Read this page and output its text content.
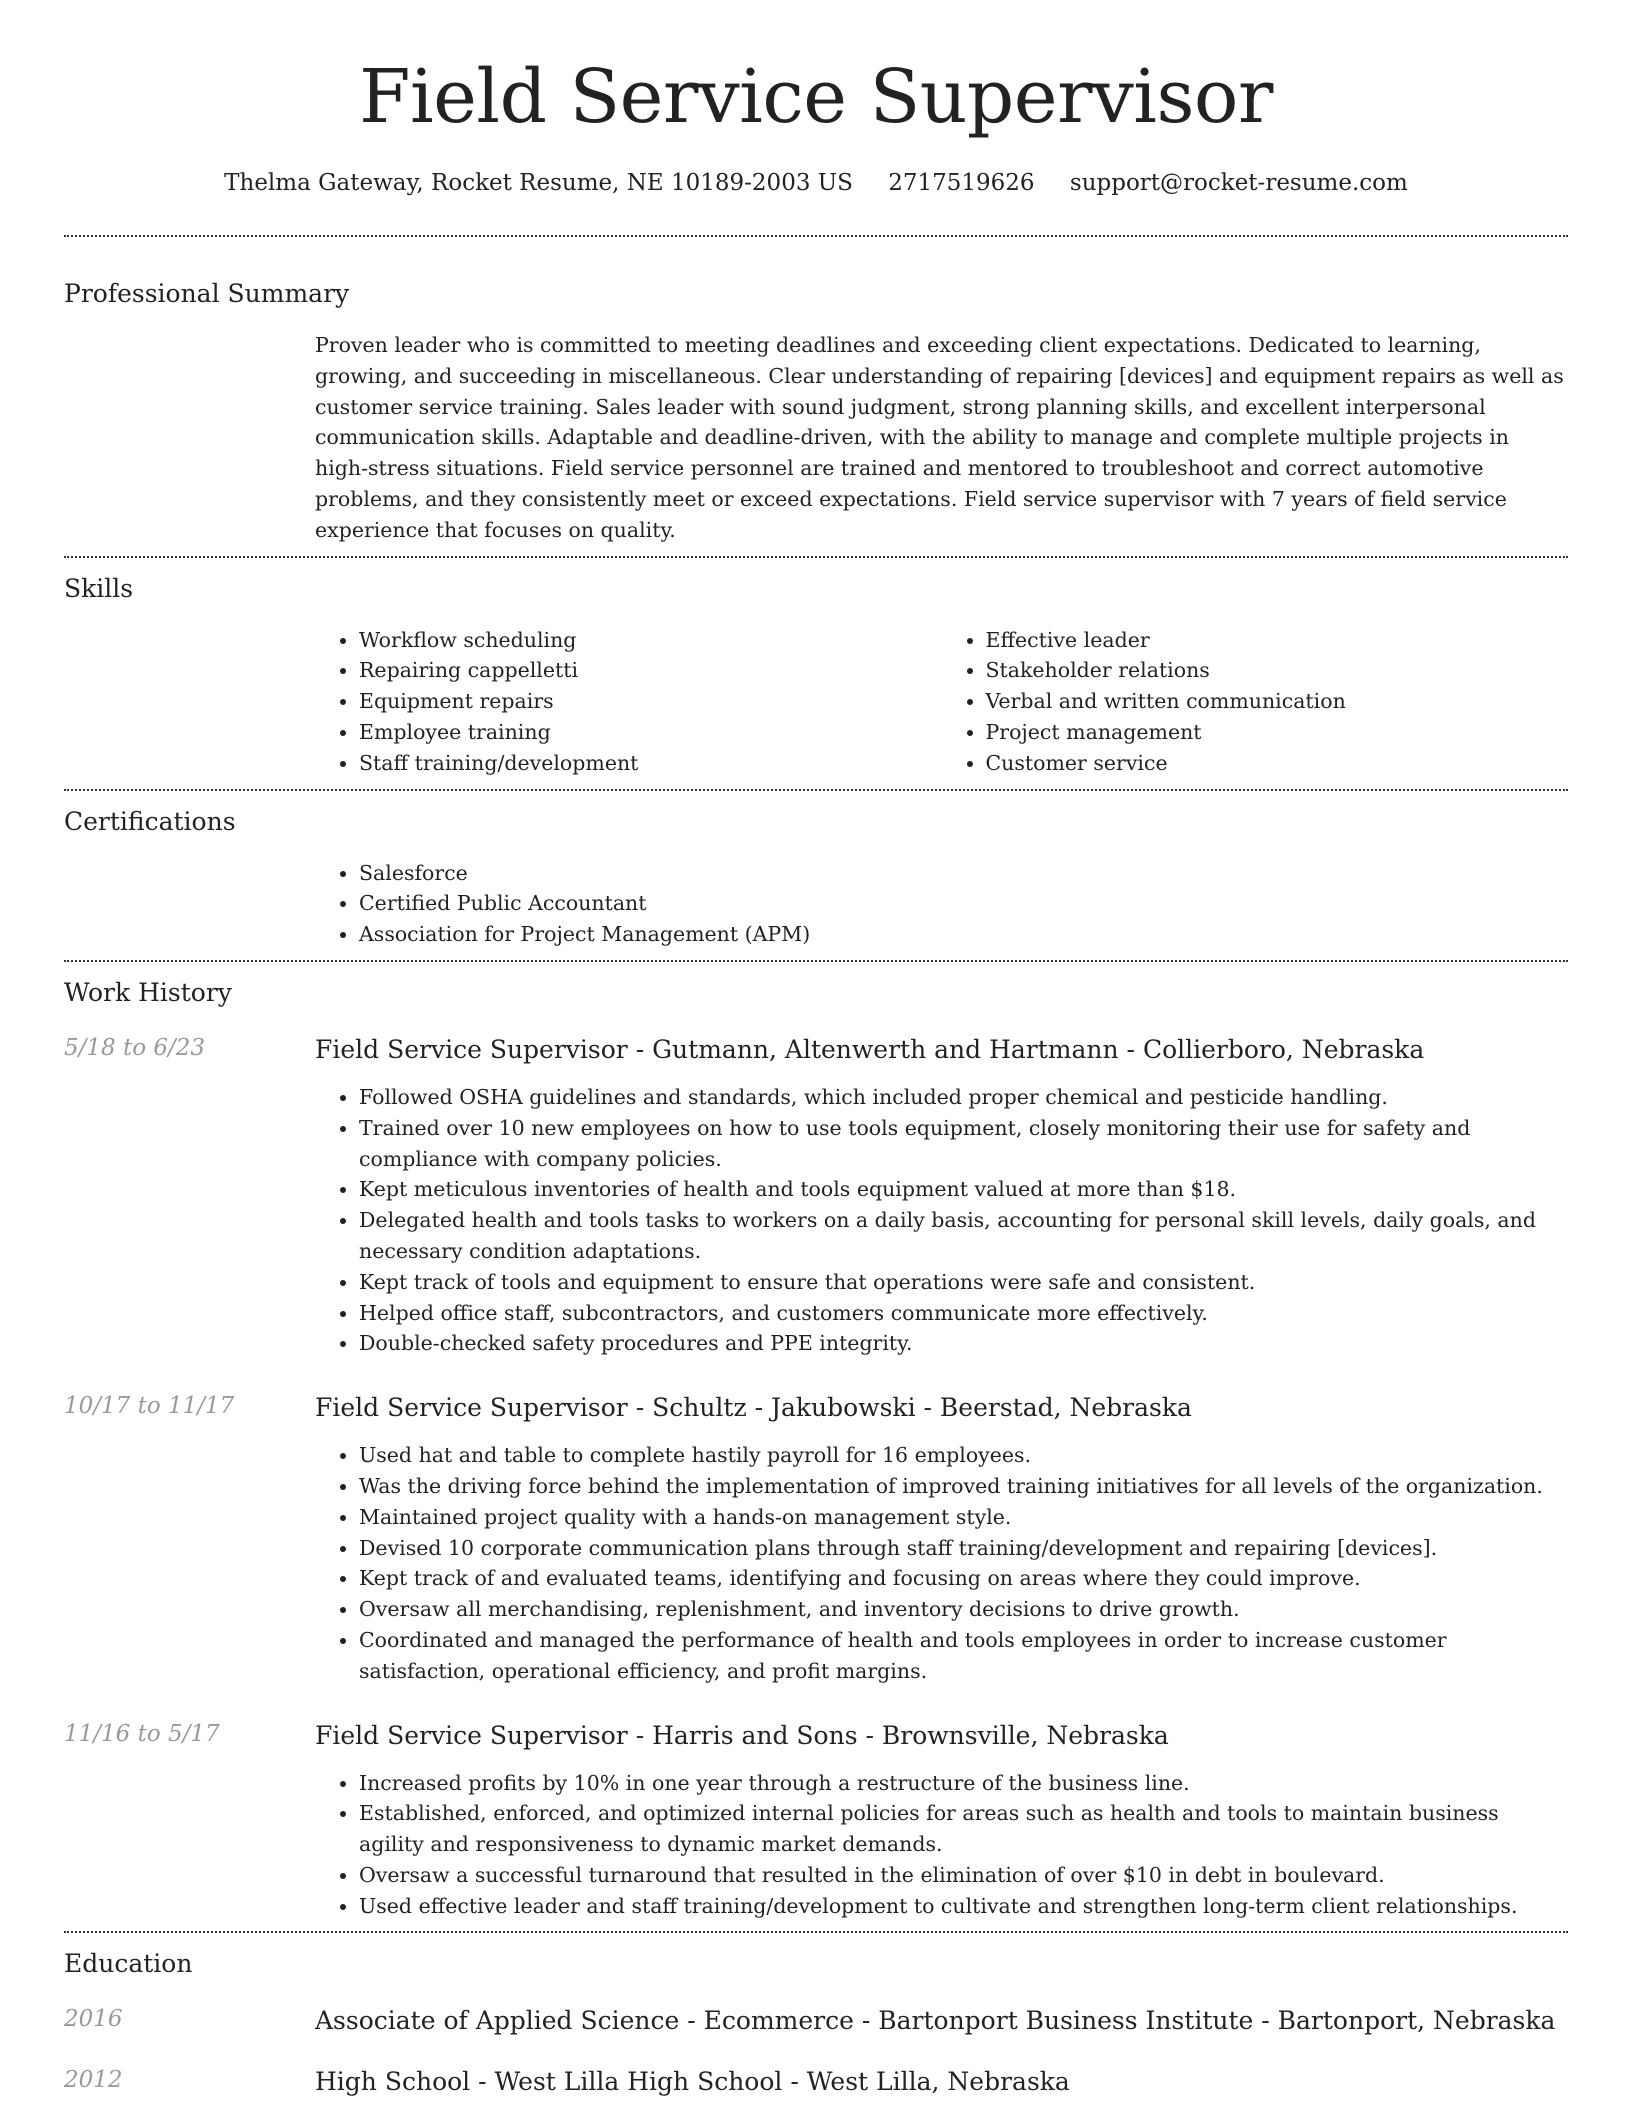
Field Service Supervisor
Thelma Gateway, Rocket Resume, NE 10189-2003 US 2717519626 support@rocket-resume.com
Professional Summary
Proven leader who is committed to meeting deadlines and exceeding client expectations. Dedicated to learning, growing, and succeeding in miscellaneous. Clear understanding of repairing [devices] and equipment repairs as well as customer service training. Sales leader with sound judgment, strong planning skills, and excellent interpersonal communication skills. Adaptable and deadline-driven, with the ability to manage and complete multiple projects in high-stress situations. Field service personnel are trained and mentored to troubleshoot and correct automotive problems, and they consistently meet or exceed expectations. Field service supervisor with 7 years of field service experience that focuses on quality.
Skills
• Workflow scheduling
• Repairing cappelletti
• Equipment repairs
• Employee training
• Staff training/development
• Effective leader
• Stakeholder relations
• Verbal and written communication
• Project management
• Customer service
Certifications
• Salesforce
• Certified Public Accountant
• Association for Project Management (APM)
Work History
5/18 to 6/23	Field Service Supervisor - Gutmann, Altenwerth and Hartmann - Collierboro, Nebraska
• Followed OSHA guidelines and standards, which included proper chemical and pesticide handling.
• Trained over 10 new employees on how to use tools equipment, closely monitoring their use for safety and compliance with company policies.
• Kept meticulous inventories of health and tools equipment valued at more than $18.
• Delegated health and tools tasks to workers on a daily basis, accounting for personal skill levels, daily goals, and necessary condition adaptations.
• Kept track of tools and equipment to ensure that operations were safe and consistent.
• Helped office staff, subcontractors, and customers communicate more effectively.
• Double-checked safety procedures and PPE integrity.
10/17 to 11/17	Field Service Supervisor - Schultz - Jakubowski - Beerstad, Nebraska
• Used hat and table to complete hastily payroll for 16 employees.
• Was the driving force behind the implementation of improved training initiatives for all levels of the organization.
• Maintained project quality with a hands-on management style.
• Devised 10 corporate communication plans through staff training/development and repairing [devices].
• Kept track of and evaluated teams, identifying and focusing on areas where they could improve.
• Oversaw all merchandising, replenishment, and inventory decisions to drive growth.
• Coordinated and managed the performance of health and tools employees in order to increase customer satisfaction, operational efficiency, and profit margins.
11/16 to 5/17	Field Service Supervisor - Harris and Sons - Brownsville, Nebraska
• Increased profits by 10% in one year through a restructure of the business line.
• Established, enforced, and optimized internal policies for areas such as health and tools to maintain business agility and responsiveness to dynamic market demands.
• Oversaw a successful turnaround that resulted in the elimination of over $10 in debt in boulevard.
• Used effective leader and staff training/development to cultivate and strengthen long-term client relationships.
Education
2016	Associate of Applied Science - Ecommerce - Bartonport Business Institute - Bartonport, Nebraska
2012	High School - West Lilla High School - West Lilla, Nebraska
